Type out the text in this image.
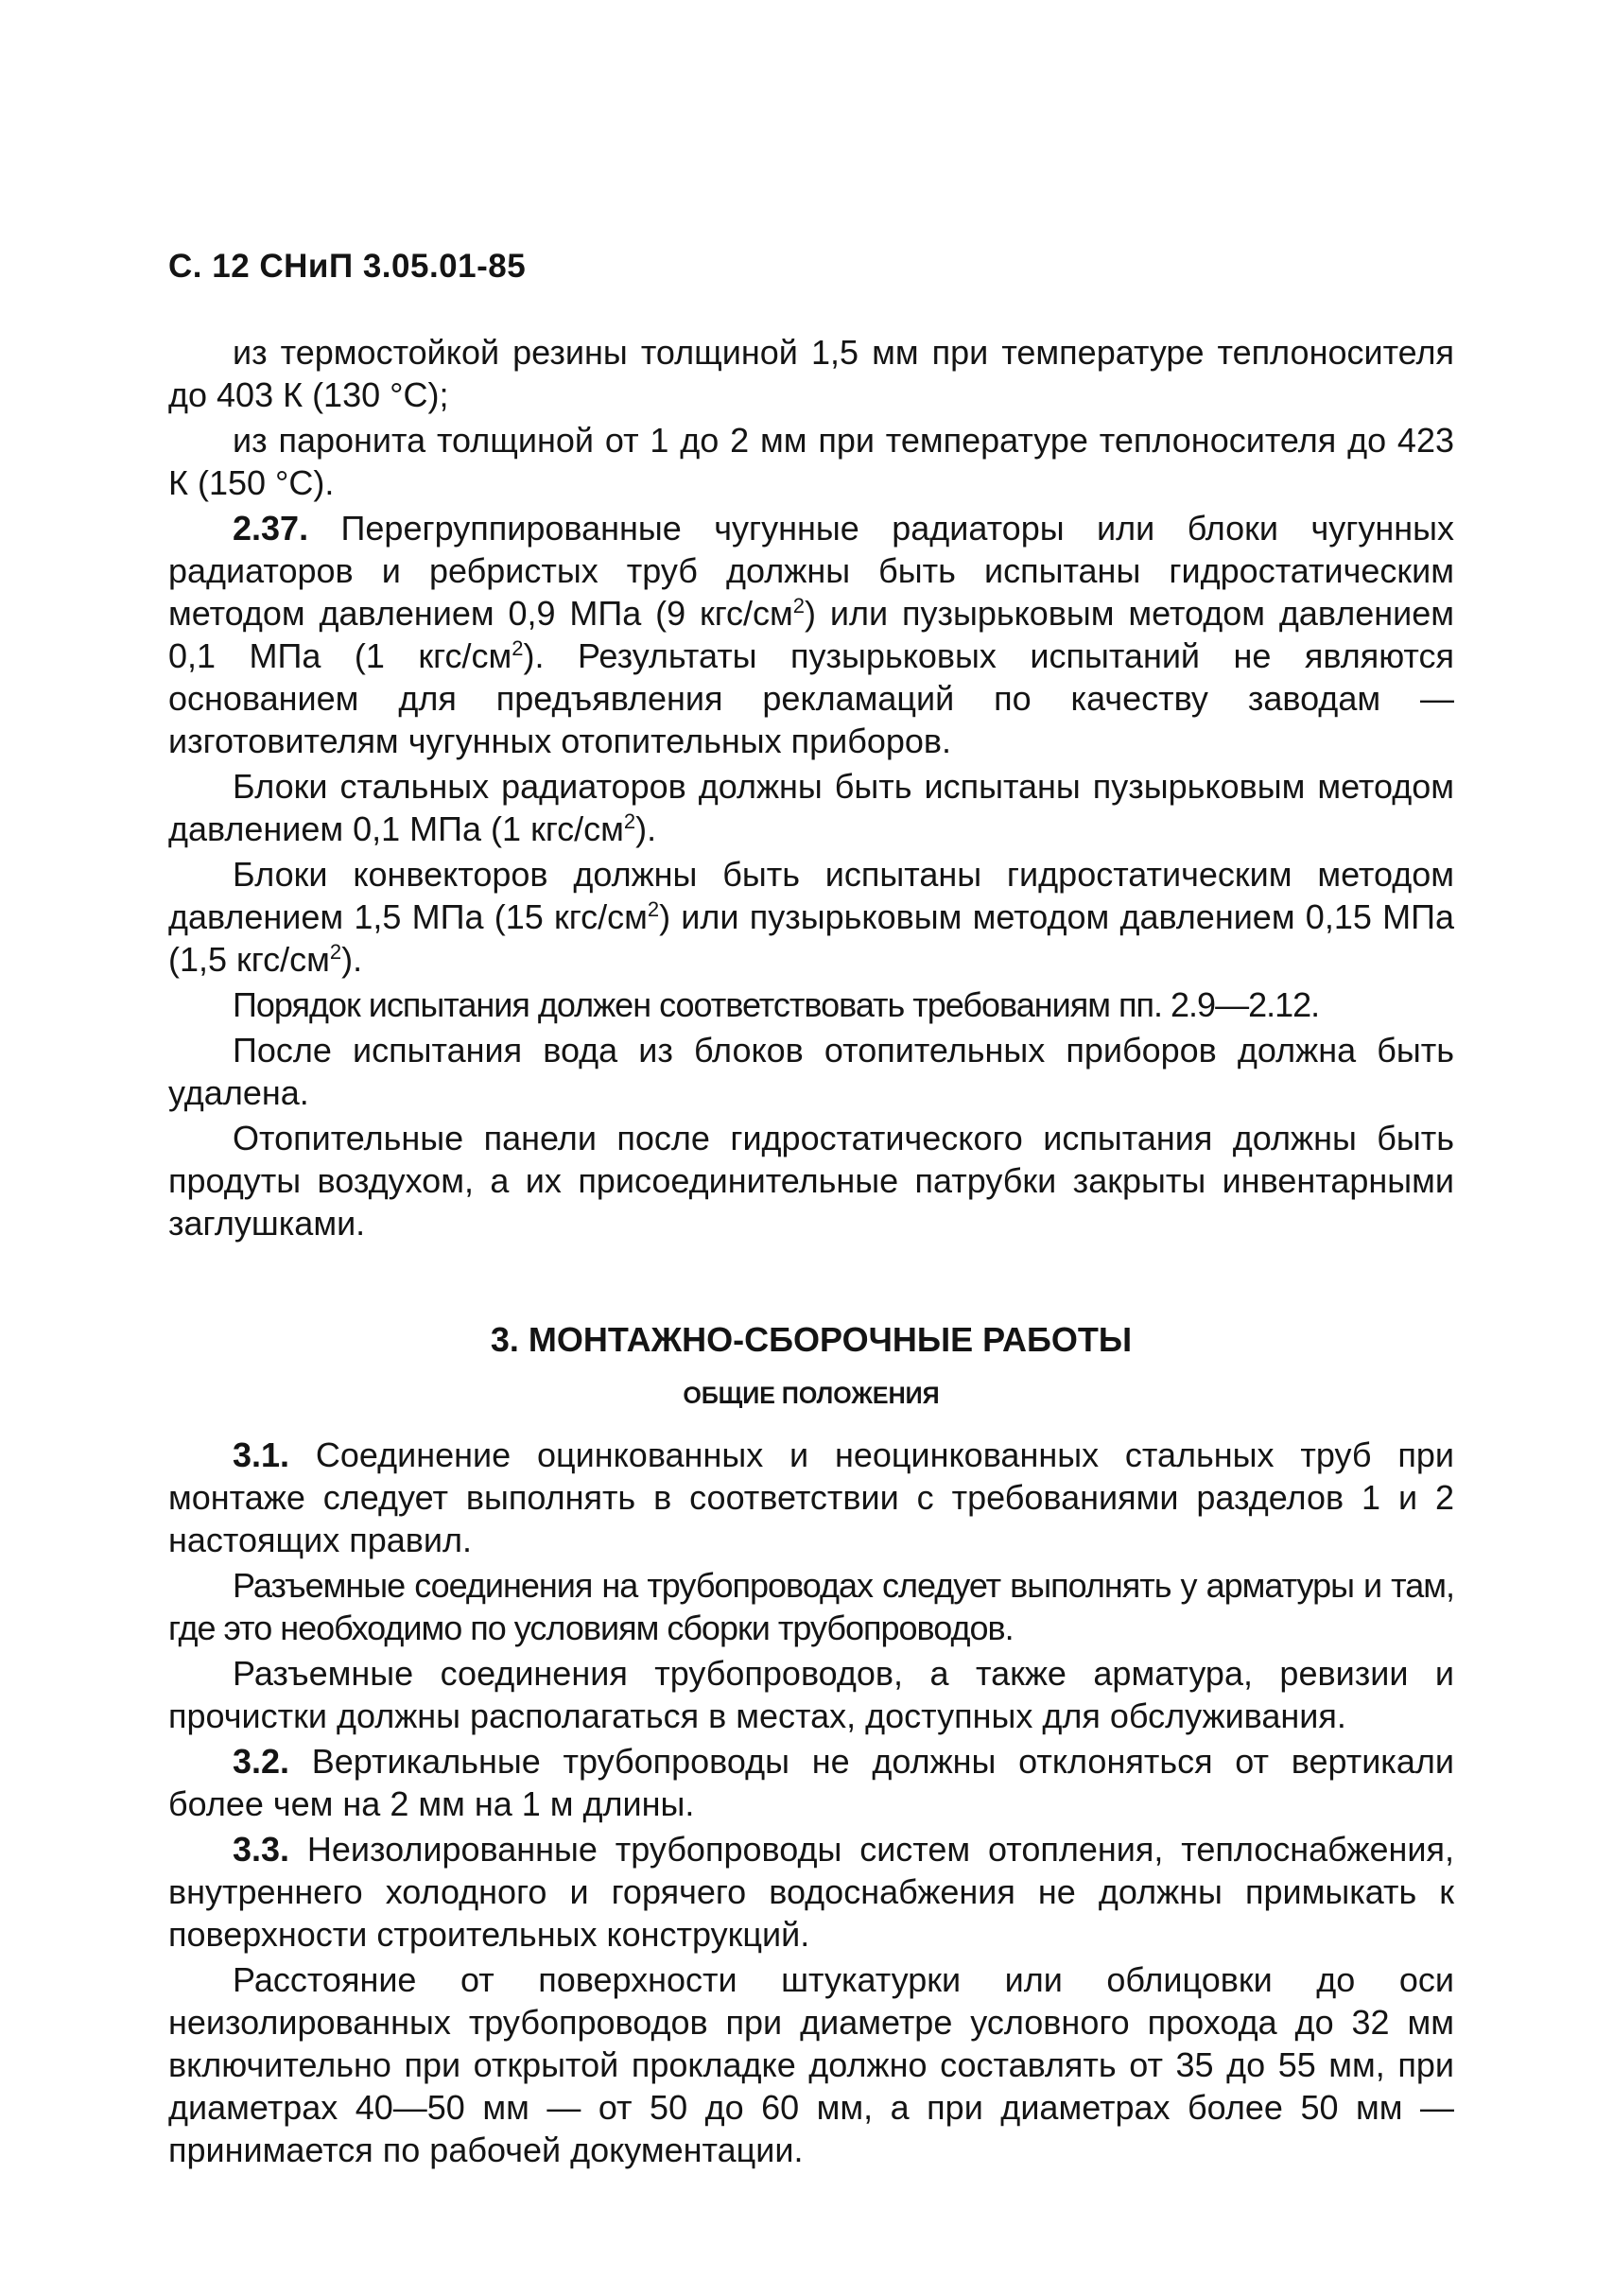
С. 12 СНиП 3.05.01-85

из термостойкой резины толщиной 1,5 мм при температуре теплоносителя до 403 К (130 °С);

из паронита толщиной от 1 до 2 мм при температуре теплоносителя до 423 К (150 °С).

2.37. Перегруппированные чугунные радиаторы или блоки чугунных радиаторов и ребристых труб должны быть испытаны гидростатическим методом давлением 0,9 МПа (9 кгс/$см^2$) или пузырьковым методом давлением 0,1 МПа (1 кгс/$см^2$). Результаты пузырьковых испытаний не являются основанием для предъявления рекламаций по качеству заводам — изготовителям чугунных отопительных приборов.

Блоки стальных радиаторов должны быть испытаны пузырьковым методом давлением 0,1 МПа (1 кгс/$см^2$).

Блоки конвекторов должны быть испытаны гидростатическим методом давлением 1,5 МПа (15 кгс/$см^2$) или пузырьковым методом давлением 0,15 МПа (1,5 кгс/$см^2$).

Порядок испытания должен соответствовать требованиям пп. 2.9—2.12.

После испытания вода из блоков отопительных приборов должна быть удалена.

Отопительные панели после гидростатического испытания должны быть продуты воздухом, а их присоединительные патрубки закрыты инвентарными заглушками.

3. МОНТАЖНО-СБОРОЧНЫЕ РАБОТЫ
ОБЩИЕ ПОЛОЖЕНИЯ

3.1. Соединение оцинкованных и неоцинкованных стальных труб при монтаже следует выполнять в соответствии с требованиями разделов 1 и 2 настоящих правил.

Разъемные соединения на трубопроводах следует выполнять у арматуры и там, где это необходимо по условиям сборки трубопроводов.

Разъемные соединения трубопроводов, а также арматура, ревизии и прочистки должны располагаться в местах, доступных для обслуживания.

3.2. Вертикальные трубопроводы не должны отклоняться от вертикали более чем на 2 мм на 1 м длины.

3.3. Неизолированные трубопроводы систем отопления, теплоснабжения, внутреннего холодного и горячего водоснабжения не должны примыкать к поверхности строительных конструкций.

Расстояние от поверхности штукатурки или облицовки до оси неизолированных трубопроводов при диаметре условного прохода до 32 мм включительно при открытой прокладке должно составлять от 35 до 55 мм, при диаметрах 40—50 мм — от 50 до 60 мм, а при диаметрах более 50 мм — принимается по рабочей документации.
